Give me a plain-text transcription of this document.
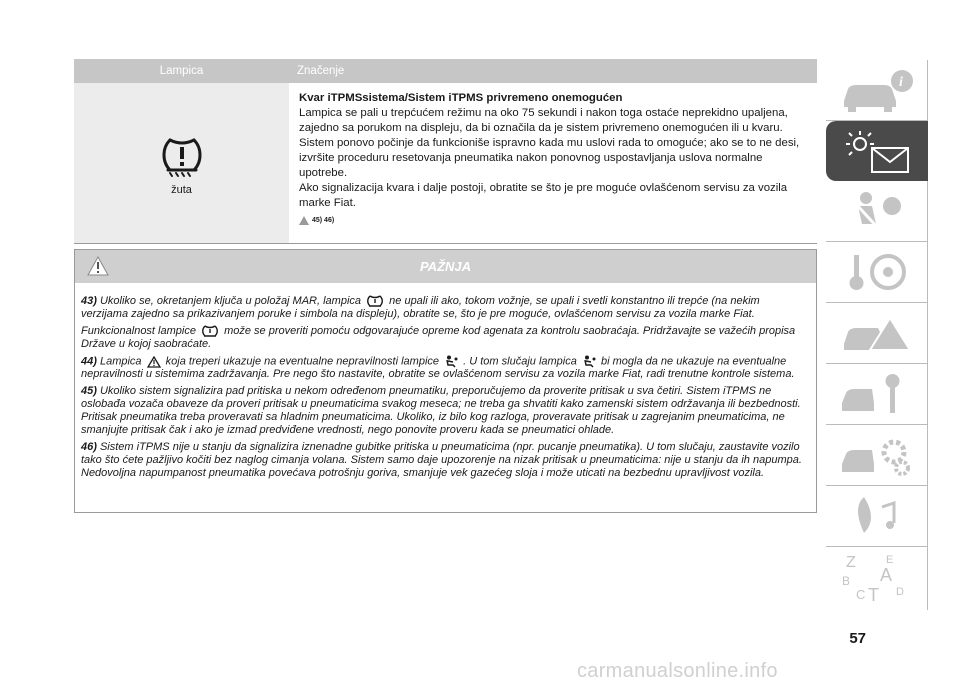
Lampica	Značenje
žuta
Kvar iTPMSsistema/Sistem iTPMS privremeno onemogućen
Lampica se pali u trepćućem režimu na oko 75 sekundi i nakon toga ostaće neprekidno upaljena, zajedno sa porukom na displeju, da bi označila da je sistem privremeno onemogućen ili u kvaru. Sistem ponovo počinje da funkcioniše ispravno kada mu uslovi rada to omoguće; ako se to ne desi, izvršite proceduru resetovanja pneumatika nakon ponovnog uspostavljanja uslova normalne upotrebe.
Ako signalizacija kvara i dalje postoji, obratite se što je pre moguće ovlašćenom servisu za vozila marke Fiat.
45) 46)
PAŽNJA
43) Ukoliko se, okretanjem ključa u položaj MAR, lampica	ne upali ili ako, tokom vožnje, se upali i svetli konstantno ili trepće (na nekim verzijama zajedno sa prikazivanjem poruke i simbola na displeju), obratite se, što je pre moguće, ovlašćenom servisu za vozila marke Fiat.
Funkcionalnost lampice	može se proveriti pomoću odgovarajuće opreme kod agenata za kontrolu saobraćaja. Pridržavajte se važećih propisa Države u kojoj saobraćate.
44) Lampica koja treperi ukazuje na eventualne nepravilnosti lampice . U tom slučaju lampica bi mogla da ne ukazuje na eventualne nepravilnosti u sistemima zadržavanja. Pre nego što nastavite, obratite se ovlašćenom servisu za vozila marke Fiat, radi trenutne kontrole sistema.
45) Ukoliko sistem signalizira pad pritiska u nekom određenom pneumatiku, preporučujemo da proverite pritisak u sva četiri. Sistem iTPMS ne oslobađa vozača obaveze da proveri pritisak u pneumaticima svakog meseca; ne treba ga shvatiti kako zamenski sistem održavanja ili bezbednosti. Pritisak pneumatika treba proveravati sa hladnim pneumaticima. Ukoliko, iz bilo kog razloga, proveravate pritisak u zagrejanim pneumaticima, ne smanjujte pritisak čak i ako je izmad predviđene vrednosti, nego ponovite proveru kada se pneumatici ohlade.
46) Sistem iTPMS nije u stanju da signalizira iznenadne gubitke pritiska u pneumaticima (npr. pucanje pneumatika). U tom slučaju, zaustavite vozilo tako što ćete pažljivo kočiti bez naglog cimanja volana. Sistem samo daje upozorenje na nizak pritisak u pneumaticima: nije u stanju da ih napumpa. Nedovoljna napumpanost pneumatika povećava potrošnju goriva, smanjuje vek gazećeg sloja i može uticati na bezbednu upravljivost vozila.
i
Z	E
A
B
C T D
57
carmanualsonline.info
